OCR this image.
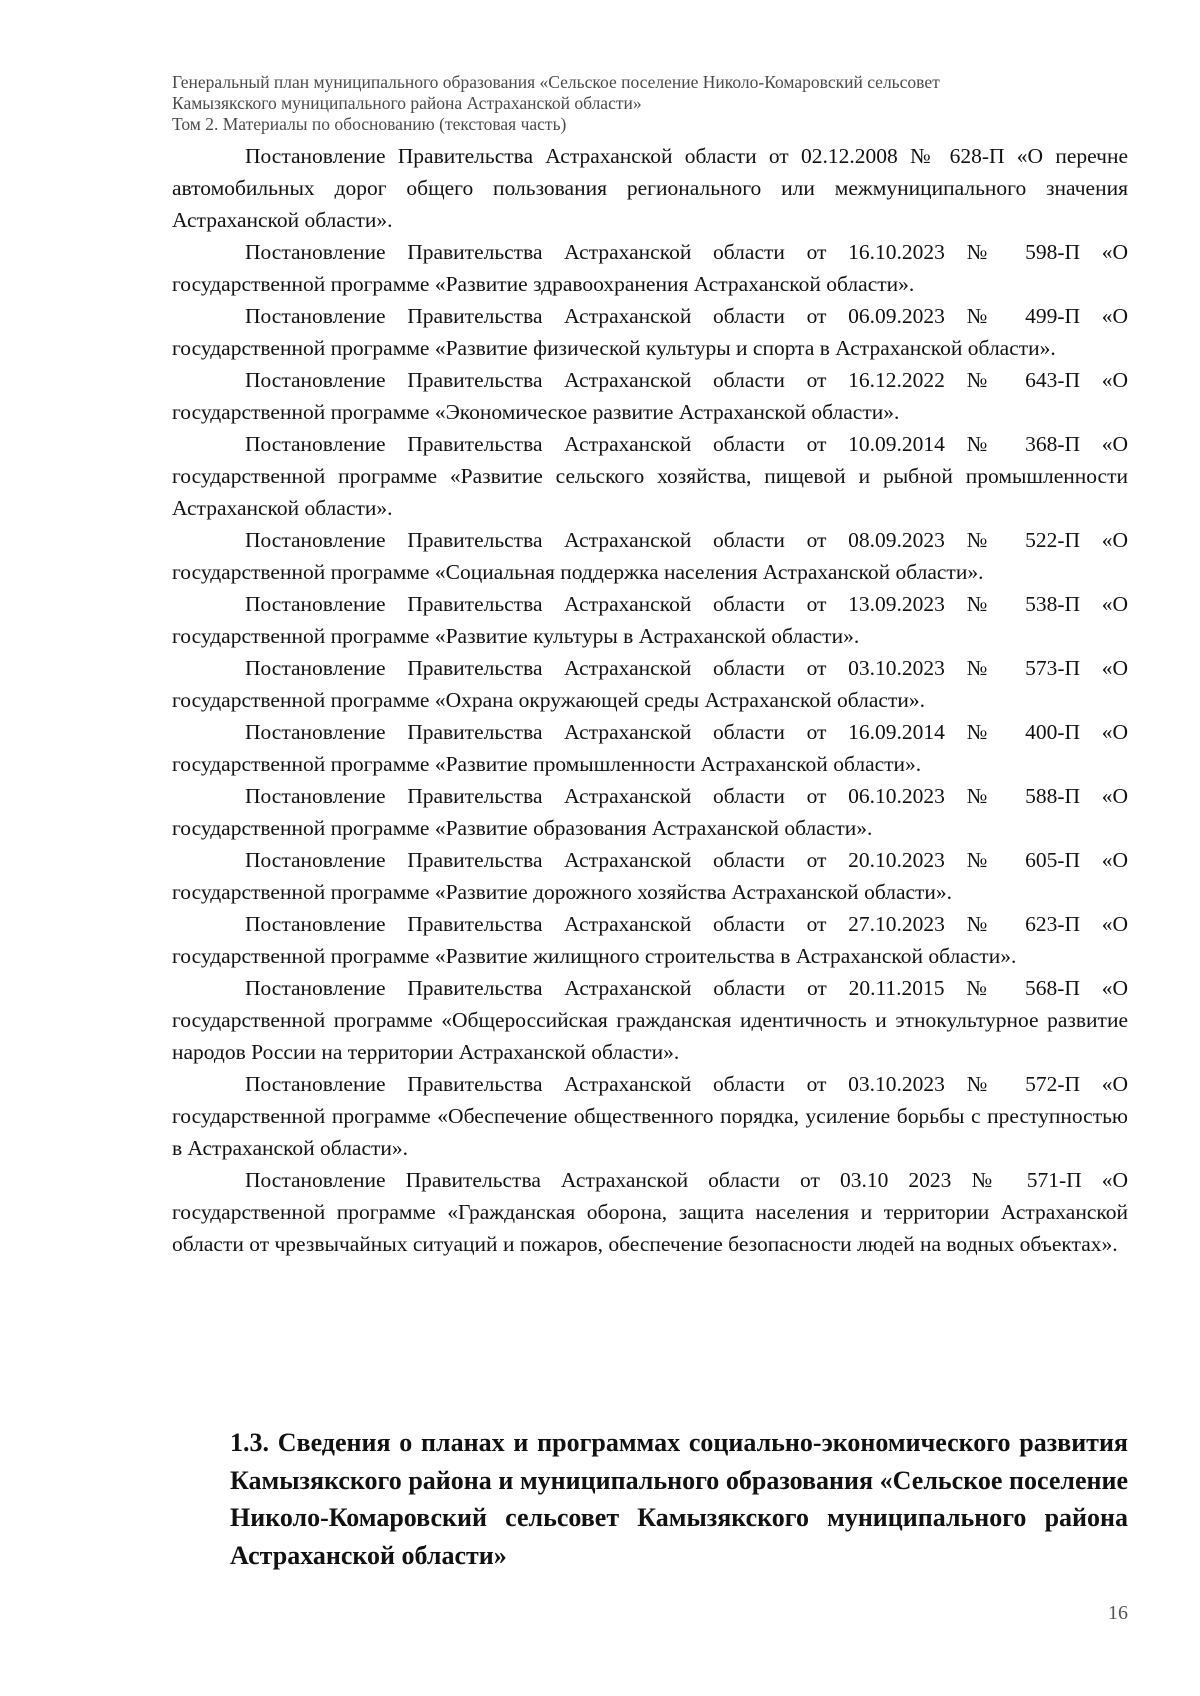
Генеральный план муниципального образования «Сельское поселение Николо-Комаровский сельсовет
Камызякского муниципального района Астраханской области»
Том 2. Материалы по обоснованию (текстовая часть)

Постановление Правительства Астраханской области от 02.12.2008 № 628-П «О перечне автомобильных дорог общего пользования регионального или межмуниципального значения Астраханской области».

Постановление Правительства Астраханской области от 16.10.2023 № 598-П «О государственной программе «Развитие здравоохранения Астраханской области».

Постановление Правительства Астраханской области от 06.09.2023 № 499-П «О государственной программе «Развитие физической культуры и спорта в Астраханской области».

Постановление Правительства Астраханской области от 16.12.2022 № 643-П «О государственной программе «Экономическое развитие Астраханской области».

Постановление Правительства Астраханской области от 10.09.2014 № 368-П «О государственной программе «Развитие сельского хозяйства, пищевой и рыбной промышленности Астраханской области».

Постановление Правительства Астраханской области от 08.09.2023 № 522-П «О государственной программе «Социальная поддержка населения Астраханской области».

Постановление Правительства Астраханской области от 13.09.2023 № 538-П «О государственной программе «Развитие культуры в Астраханской области».

Постановление Правительства Астраханской области от 03.10.2023 № 573-П «О государственной программе «Охрана окружающей среды Астраханской области».

Постановление Правительства Астраханской области от 16.09.2014 № 400-П «О государственной программе «Развитие промышленности Астраханской области».

Постановление Правительства Астраханской области от 06.10.2023 № 588-П «О государственной программе «Развитие образования Астраханской области».

Постановление Правительства Астраханской области от 20.10.2023 № 605-П «О государственной программе «Развитие дорожного хозяйства Астраханской области».

Постановление Правительства Астраханской области от 27.10.2023 № 623-П «О государственной программе «Развитие жилищного строительства в Астраханской области».

Постановление Правительства Астраханской области от 20.11.2015 № 568-П «О государственной программе «Общероссийская гражданская идентичность и этнокультурное развитие народов России на территории Астраханской области».

Постановление Правительства Астраханской области от 03.10.2023 № 572-П «О государственной программе «Обеспечение общественного порядка, усиление борьбы с преступностью в Астраханской области».

Постановление Правительства Астраханской области от 03.10 2023 № 571-П «О государственной программе «Гражданская оборона, защита населения и территории Астраханской области от чрезвычайных ситуаций и пожаров, обеспечение безопасности людей на водных объектах».

1.3. Сведения о планах и программах социально-экономического развития Камызякского района и муниципального образования «Сельское поселение Николо-Комаровский сельсовет Камызякского муниципального района Астраханской области»
16
